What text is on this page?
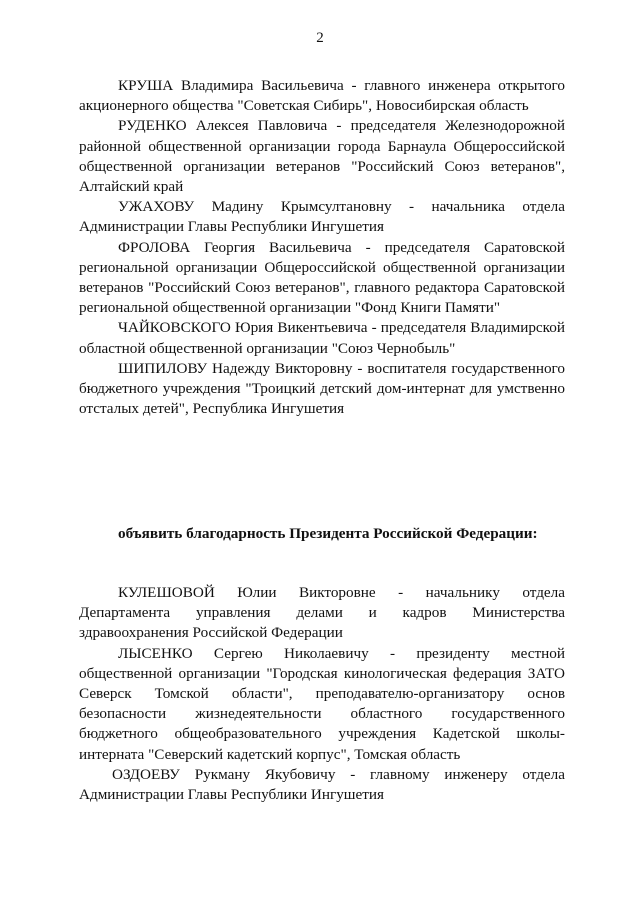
2

КРУША Владимира Васильевича - главного инженера открытого акционерного общества "Советская Сибирь", Новосибирская область

РУДЕНКО Алексея Павловича - председателя Железнодорожной районной общественной организации города Барнаула Общероссийской общественной организации ветеранов "Российский Союз ветеранов", Алтайский край

УЖАХОВУ Мадину Крымсултановну - начальника отдела Администрации Главы Республики Ингушетия

ФРОЛОВА Георгия Васильевича - председателя Саратовской региональной организации Общероссийской общественной организации ветеранов "Российский Союз ветеранов", главного редактора Саратовской региональной общественной организации "Фонд Книги Памяти"

ЧАЙКОВСКОГО Юрия Викентьевича - председателя Владимирской областной общественной организации "Союз Чернобыль"

ШИПИЛОВУ Надежду Викторовну - воспитателя государственного бюджетного учреждения "Троицкий детский дом-интернат для умственно отсталых детей", Республика Ингушетия

объявить благодарность Президента Российской Федерации:

КУЛЕШОВОЙ Юлии Викторовне - начальнику отдела Департамента управления делами и кадров Министерства здравоохранения Российской Федерации

ЛЫСЕНКО Сергею Николаевичу - президенту местной общественной организации "Городская кинологическая федерация ЗАТО Северск Томской области", преподавателю-организатору основ безопасности жизнедеятельности областного государственного бюджетного общеобразовательного учреждения Кадетской школы-интерната "Северский кадетский корпус", Томская область

ОЗДОЕВУ Рукману Якубовичу - главному инженеру отдела Администрации Главы Республики Ингушетия
